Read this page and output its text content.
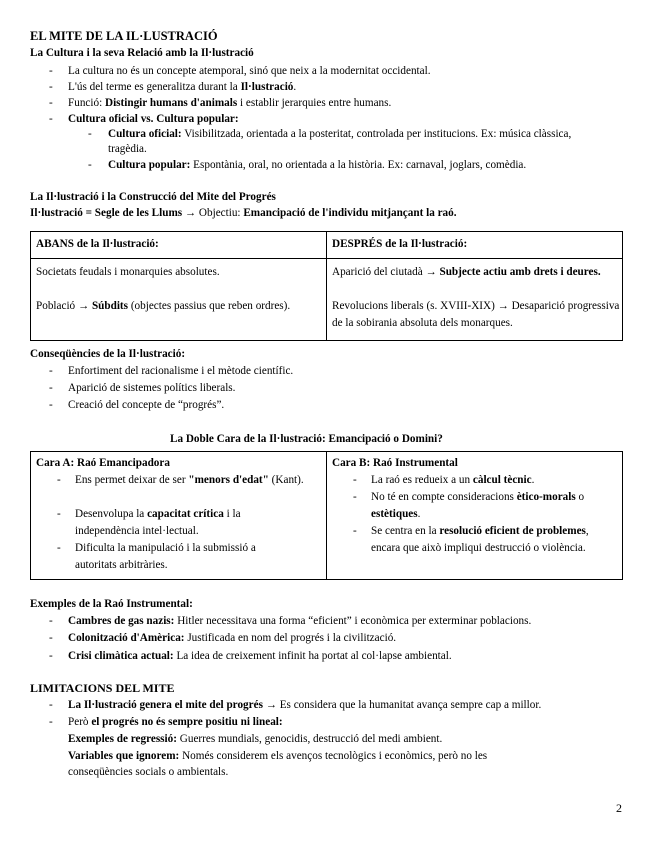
EL MITE DE LA IL·LUSTRACIÓ
La Cultura i la seva Relació amb la Il·lustració
- La cultura no és un concepte atemporal, sinó que neix a la modernitat occidental.
- L'ús del terme es generalitza durant la Il·lustració.
- Funció: Distingir humans d'animals i establir jerarquies entre humans.
- Cultura oficial vs. Cultura popular:
- Cultura oficial: Visibilitzada, orientada a la posteritat, controlada per institucions. Ex: música clàssica,
tragèdia.
- Cultura popular: Espontània, oral, no orientada a la història. Ex: carnaval, joglars, comèdia.
La Il·lustració i la Construcció del Mite del Progrés
Il·lustració = Segle de les Llums → Objectiu: Emancipació de l'individu mitjançant la raó.
ABANS de la Il·lustració:	DESPRÉS de la Il·lustració:
Societats feudals i monarquies absolutes.
Població → Súbdits (objectes passius que reben ordres).
Aparició del ciutadà → Subjecte actiu amb drets i deures.
Revolucions liberals (s. XVIII-XIX) → Desaparició progressiva de la sobirania absoluta dels monarques.
Conseqüències de la Il·lustració:
- Enfortiment del racionalisme i el mètode científic.
- Aparició de sistemes polítics liberals.
- Creació del concepte de “progrés”.
La Doble Cara de la Il·lustració: Emancipació o Domini?
Cara A: Raó Emancipadora	Cara B: Raó Instrumental
- Ens permet deixar de ser "menors d'edat" (Kant).
- Desenvolupa la capacitat crítica i la independència intel·lectual.
- Dificulta la manipulació i la submissió a autoritats arbitràries.
- La raó es redueix a un càlcul tècnic.
- No té en compte consideracions ètico-morals o estètiques.
- Se centra en la resolució eficient de problemes, encara que això impliqui destrucció o violència.
Exemples de la Raó Instrumental:
- Cambres de gas nazis: Hitler necessitava una forma “eficient” i econòmica per exterminar poblacions.
- Colonització d'Amèrica: Justificada en nom del progrés i la civilització.
- Crisi climàtica actual: La idea de creixement infinit ha portat al col·lapse ambiental.
LIMITACIONS DEL MITE
- La Il·lustració genera el mite del progrés → Es considera que la humanitat avança sempre cap a millor.
- Però el progrés no és sempre positiu ni lineal:
Exemples de regressió: Guerres mundials, genocidis, destrucció del medi ambient.
Variables que ignorem: Només considerem els avenços tecnològics i econòmics, però no les
conseqüències socials o ambientals.
2
